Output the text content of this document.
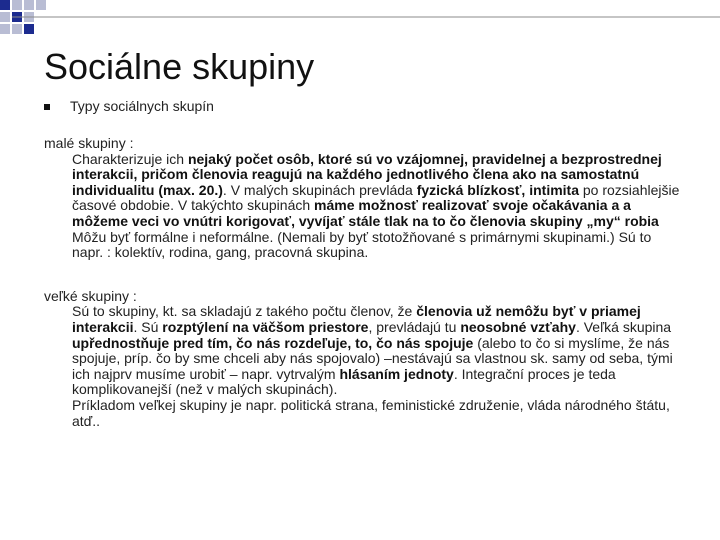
Sociálne skupiny
Typy sociálnych skupín

malé skupiny :

Charakterizuje ich nejaký počet osôb, ktoré sú vo vzájomnej, pravidelnej a bezprostrednej interakcii, pričom členovia reagujú na každého jednotlivého člena ako na samostatnú individualitu (max. 20.). V malých skupinách prevláda fyzická blízkosť, intimita po rozsiahlejšie časové obdobie. V takýchto skupinách máme možnosť realizovať svoje očakávania a a môžeme veci vo vnútri korigovať, vyvíjať stále tlak na to čo členovia skupiny „my“ robia

Môžu byť formálne i neformálne. (Nemali by byť stotožňované s primárnymi skupinami.) Sú to napr. : kolektív, rodina, gang, pracovná skupina.

veľké skupiny :

Sú to skupiny, kt. sa skladajú z takého počtu členov, že členovia už nemôžu byť v priamej interakcii. Sú rozptýlení na väčšom priestore, prevládajú tu neosobné vzťahy. Veľká skupina upřednostňuje pred tím, čo nás rozdeľuje, to, čo nás spojuje (alebo to čo si myslíme, že nás spojuje, príp. čo by sme chceli aby nás spojovalo) –nestávajú sa vlastnou sk. samy od seba, tými ich najprv musíme urobiť – napr. vytrvalým hlásaním jednoty. Integrační proces je teda komplikovanejší (než v malých skupinách).

Príkladom veľkej skupiny je napr. politická strana, feministické združenie, vláda národného štátu, atď..
